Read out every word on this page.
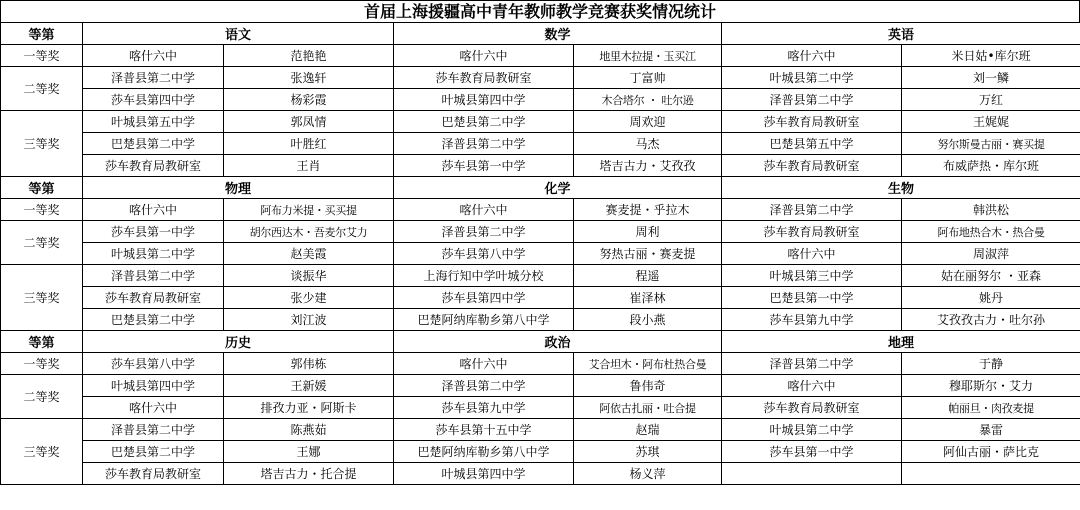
首届上海援疆高中青年教师教学竞赛获奖情况统计
等第	语文		数学		英语	
一等奖	喀什六中	范艳艳	喀什六中	地里木拉提・玉买江	喀什六中	米日姑•库尔班
二等奖	泽普县第二中学	张逸轩	莎车教育局教研室	丁富帅	叶城县第二中学	刘一鳞
	莎车县第四中学	杨彩霞	叶城县第四中学	木合塔尔 ・ 吐尔逊	泽普县第二中学	万红
三等奖	叶城县第五中学	郭凤情	巴楚县第二中学	周欢迎	莎车教育局教研室	王娓娓
	巴楚县第二中学	叶胜红	泽普县第二中学	马杰	巴楚县第五中学	努尔斯曼古丽・赛买提
	莎车教育局教研室	王肖	莎车县第一中学	塔吉古力・艾孜孜	莎车教育局教研室	布威萨热・库尔班
等第	物理		化学		生物	
一等奖	喀什六中	阿布力米提・买买提	喀什六中	赛麦提・乎拉木	泽普县第二中学	韩洪松
二等奖	莎车县第一中学	胡尔西达木・吾麦尔艾力	泽普县第二中学	周利	莎车教育局教研室	阿布地热合木・热合曼
	叶城县第二中学	赵美霞	莎车县第八中学	努热古丽・赛麦提	喀什六中	周淑萍
三等奖	泽普县第二中学	谈振华	上海行知中学叶城分校	程遥	叶城县第三中学	姑在丽努尔 ・亚森
	莎车教育局教研室	张少建	莎车县第四中学	崔泽林	巴楚县第一中学	姚丹
	巴楚县第二中学	刘江波	巴楚阿纳库勒乡第八中学	段小燕	莎车县第九中学	艾孜孜古力・吐尔孙
等第	历史		政治		地理	
一等奖	莎车县第八中学	郭伟栋	喀什六中	艾合坦木・阿布杜热合曼	泽普县第二中学	于静
二等奖	叶城县第四中学	王新媛	泽普县第二中学	鲁伟奇	喀什六中	穆耶斯尔・艾力
	喀什六中	排孜力亚・阿斯卡	莎车县第九中学	阿依古扎丽・吐合提	莎车教育局教研室	帕丽旦・肉孜麦提
三等奖	泽普县第二中学	陈燕茹	莎车县第十五中学	赵瑞	叶城县第二中学	暴雷
	巴楚县第二中学	王娜	巴楚阿纳库勒乡第八中学	苏琪	莎车县第一中学	阿仙古丽・萨比克
	莎车教育局教研室	塔吉古力・托合提	叶城县第四中学	杨义萍		
